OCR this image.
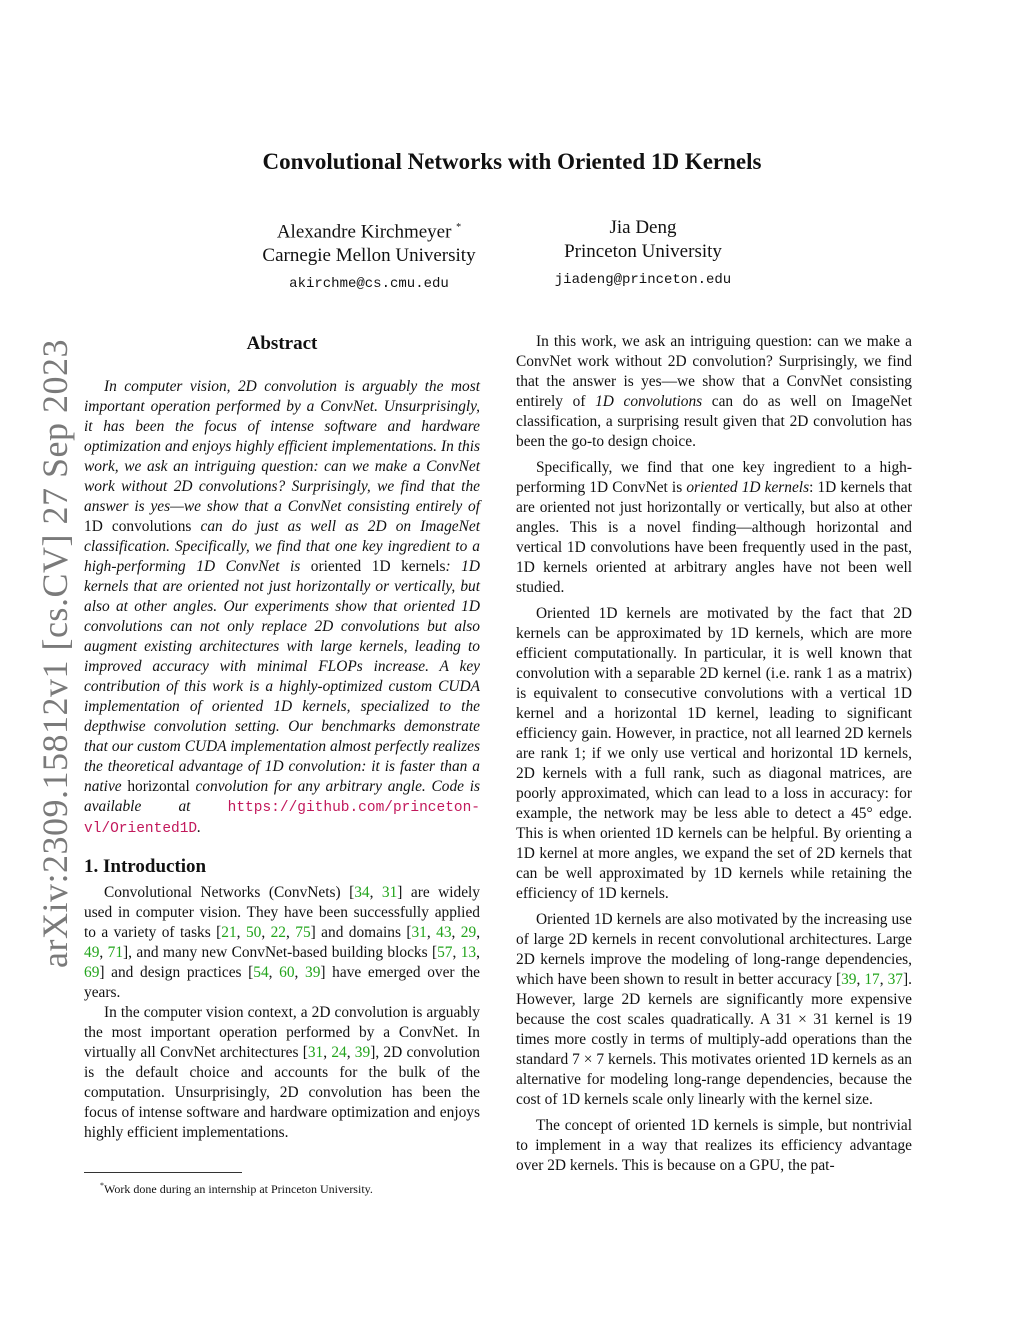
arXiv:2309.15812v1 [cs.CV] 27 Sep 2023
Convolutional Networks with Oriented 1D Kernels
Alexandre Kirchmeyer *
Carnegie Mellon University
akirchme@cs.cmu.edu
Jia Deng
Princeton University
jiadeng@princeton.edu
Abstract

In computer vision, 2D convolution is arguably the most important operation performed by a ConvNet. Unsurprisingly, it has been the focus of intense software and hardware optimization and enjoys highly efficient implementations. In this work, we ask an intriguing question: can we make a ConvNet work without 2D convolutions? Surprisingly, we find that the answer is yes—we show that a ConvNet consisting entirely of 1D convolutions can do just as well as 2D on ImageNet classification. Specifically, we find that one key ingredient to a high-performing 1D ConvNet is oriented 1D kernels: 1D kernels that are oriented not just horizontally or vertically, but also at other angles. Our experiments show that oriented 1D convolutions can not only replace 2D convolutions but also augment existing architectures with large kernels, leading to improved accuracy with minimal FLOPs increase. A key contribution of this work is a highly-optimized custom CUDA implementation of oriented 1D kernels, specialized to the depthwise convolution setting. Our benchmarks demonstrate that our custom CUDA implementation almost perfectly realizes the theoretical advantage of 1D convolution: it is faster than a native horizontal convolution for any arbitrary angle. Code is available at https://github.com/princeton-vl/Oriented1D.

1. Introduction

Convolutional Networks (ConvNets) [34, 31] are widely used in computer vision. They have been successfully applied to a variety of tasks [21, 50, 22, 75] and domains [31, 43, 29, 49, 71], and many new ConvNet-based building blocks [57, 13, 69] and design practices [54, 60, 39] have emerged over the years.

In the computer vision context, a 2D convolution is arguably the most important operation performed by a ConvNet. In virtually all ConvNet architectures [31, 24, 39], 2D convolution is the default choice and accounts for the bulk of the computation. Unsurprisingly, 2D convolution has been the focus of intense software and hardware optimization and enjoys highly efficient implementations.

In this work, we ask an intriguing question: can we make a ConvNet work without 2D convolution? Surprisingly, we find that the answer is yes—we show that a ConvNet consisting entirely of 1D convolutions can do as well on ImageNet classification, a surprising result given that 2D convolution has been the go-to design choice.

Specifically, we find that one key ingredient to a high-performing 1D ConvNet is oriented 1D kernels: 1D kernels that are oriented not just horizontally or vertically, but also at other angles. This is a novel finding—although horizontal and vertical 1D convolutions have been frequently used in the past, 1D kernels oriented at arbitrary angles have not been well studied.

Oriented 1D kernels are motivated by the fact that 2D kernels can be approximated by 1D kernels, which are more efficient computationally. In particular, it is well known that convolution with a separable 2D kernel (i.e. rank 1 as a matrix) is equivalent to consecutive convolutions with a vertical 1D kernel and a horizontal 1D kernel, leading to significant efficiency gain. However, in practice, not all learned 2D kernels are rank 1; if we only use vertical and horizontal 1D kernels, 2D kernels with a full rank, such as diagonal matrices, are poorly approximated, which can lead to a loss in accuracy: for example, the network may be less able to detect a 45° edge. This is when oriented 1D kernels can be helpful. By orienting a 1D kernel at more angles, we expand the set of 2D kernels that can be well approximated by 1D kernels while retaining the efficiency of 1D kernels.

Oriented 1D kernels are also motivated by the increasing use of large 2D kernels in recent convolutional architectures. Large 2D kernels improve the modeling of long-range dependencies, which have been shown to result in better accuracy [39, 17, 37]. However, large 2D kernels are significantly more expensive because the cost scales quadratically. A 31 × 31 kernel is 19 times more costly in terms of multiply-add operations than the standard 7 × 7 kernels. This motivates oriented 1D kernels as an alternative for modeling long-range dependencies, because the cost of 1D kernels scale only linearly with the kernel size.

The concept of oriented 1D kernels is simple, but nontrivial to implement in a way that realizes its efficiency advantage over 2D kernels. This is because on a GPU, the pat-

*Work done during an internship at Princeton University.
